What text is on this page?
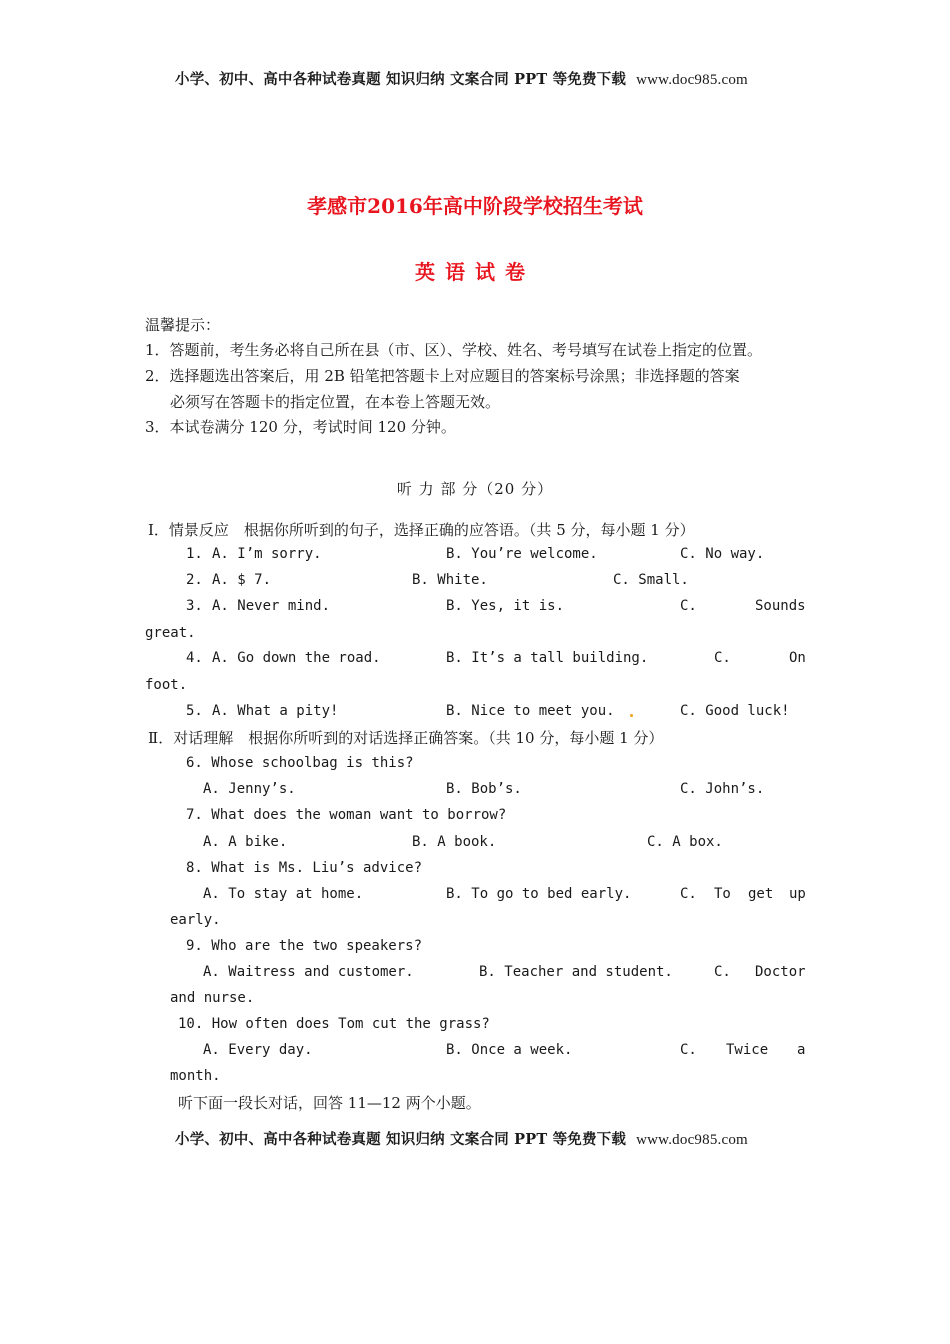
小学、初中、高中各种试卷真题 知识归纳 文案合同 PPT 等免费下载 www.doc985.com
孝感市2016年高中阶段学校招生考试
英语试卷
温馨提示：
1．答题前，考生务必将自己所在县（市、区）、学校、姓名、考号填写在试卷上指定的位置。
2．选择题选出答案后，用 2B 铅笔把答题卡上对应题目的答案标号涂黑；非选择题的答案
必须写在答题卡的指定位置，在本卷上答题无效。
3．本试卷满分 120 分，考试时间 120 分钟。
听 力 部 分（20 分）
Ⅰ．情景反应　根据你所听到的句子，选择正确的应答语。（共 5 分，每小题 1 分）
1. A. I’m sorry.	B. You’re welcome.	C. No way.
2. A. $ 7.	B. White.	C. Small.
3. A. Never mind.	B. Yes, it is.	C.	Sounds
great.
4. A. Go down the road.	B. It’s a tall building.	C.	On
foot.
5. A. What a pity!	B. Nice to meet you.	C. Good luck!
Ⅱ．对话理解　根据你所听到的对话选择正确答案。（共 10 分，每小题 1 分）
6. Whose schoolbag is this?
A. Jenny’s.	B. Bob’s.	C. John’s.
7. What does the woman want to borrow?
A. A bike.	B. A book.	C. A box.
8. What is Ms. Liu’s advice?
A. To stay at home.	B. To go to bed early.	C. To get up
early.
9. Who are the two speakers?
A. Waitress and customer.	B. Teacher and student.	C. Doctor
and nurse.
10. How often does Tom cut the grass?
A. Every day.	B. Once a week.	C. Twice a
month.
听下面一段长对话，回答 11—12 两个小题。
小学、初中、高中各种试卷真题 知识归纳 文案合同 PPT 等免费下载 www.doc985.com
